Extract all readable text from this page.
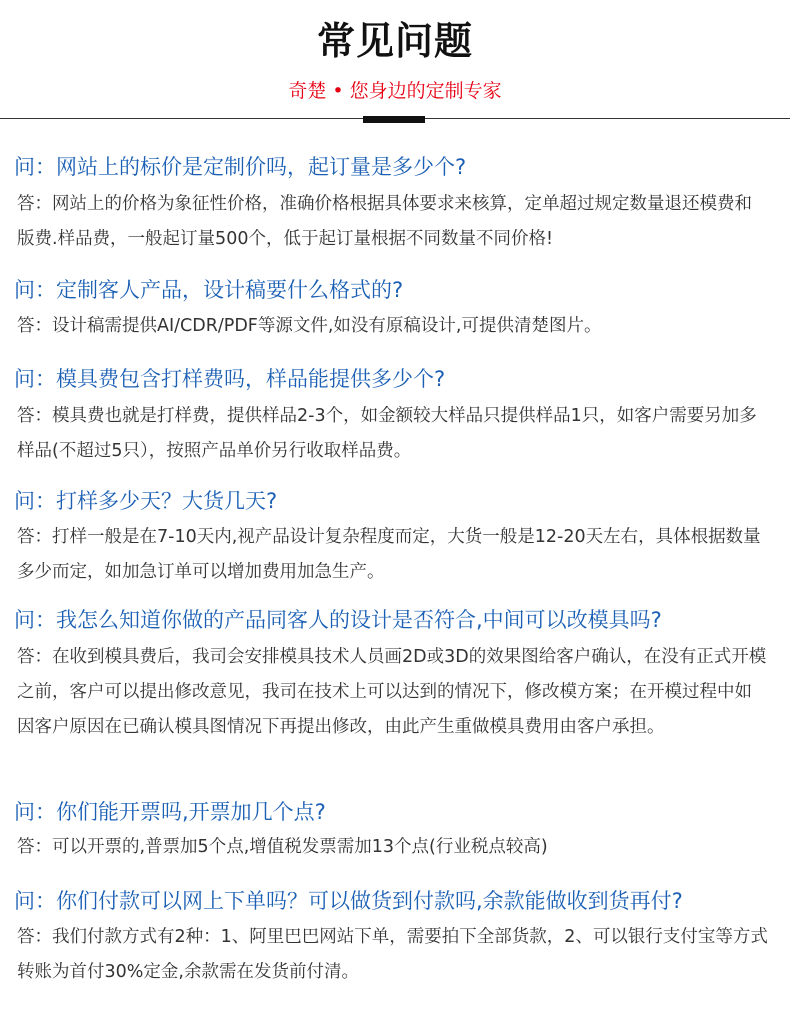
常见问题
奇楚 • 您身边的定制专家
问：网站上的标价是定制价吗，起订量是多少个?
答：网站上的价格为象征性价格，准确价格根据具体要求来核算，定单超过规定数量退还模费和版费.样品费，一般起订量500个，低于起订量根据不同数量不同价格!
问：定制客人产品，设计稿要什么格式的?
答：设计稿需提供AI/CDR/PDF等源文件,如没有原稿设计,可提供清楚图片。
问：模具费包含打样费吗，样品能提供多少个?
答：模具费也就是打样费，提供样品2-3个，如金额较大样品只提供样品1只，如客户需要另加多样品(不超过5只），按照产品单价另行收取样品费。
问：打样多少天？大货几天?
答：打样一般是在7-10天内,视产品设计复杂程度而定，大货一般是12-20天左右，具体根据数量多少而定，如加急订单可以增加费用加急生产。
问：我怎么知道你做的产品同客人的设计是否符合,中间可以改模具吗?
答：在收到模具费后，我司会安排模具技术人员画2D或3D的效果图给客户确认，在没有正式开模之前，客户可以提出修改意见，我司在技术上可以达到的情况下，修改模方案；在开模过程中如因客户原因在已确认模具图情况下再提出修改，由此产生重做模具费用由客户承担。
问：你们能开票吗,开票加几个点?
答：可以开票的,普票加5个点,增值税发票需加13个点(行业税点较高)
问：你们付款可以网上下单吗？可以做货到付款吗,余款能做收到货再付?
答：我们付款方式有2种：1、阿里巴巴网站下单，需要拍下全部货款，2、可以银行支付宝等方式转账为首付30%定金,余款需在发货前付清。
